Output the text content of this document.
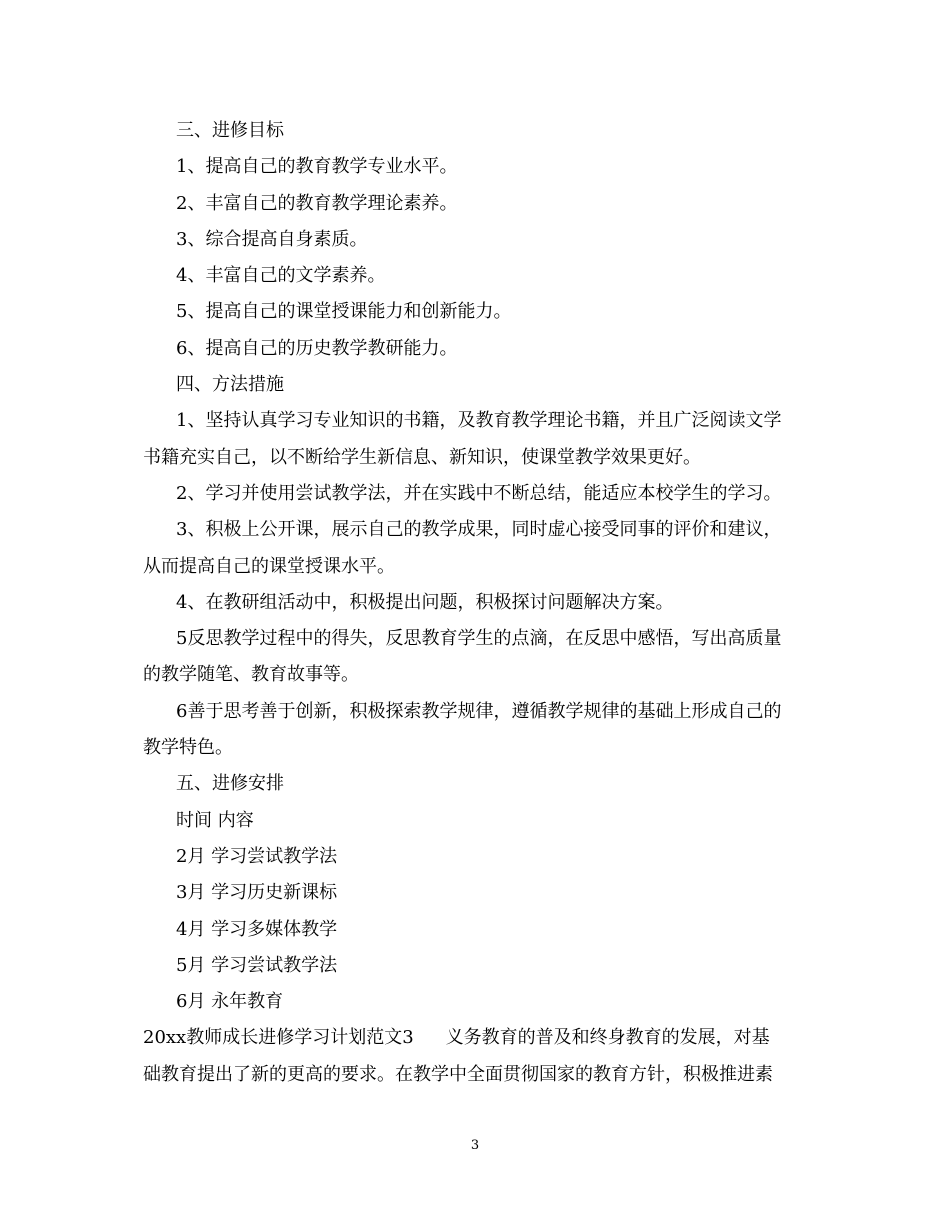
三、进修目标
1、提高自己的教育教学专业水平。
2、丰富自己的教育教学理论素养。
3、综合提高自身素质。
4、丰富自己的文学素养。
5、提高自己的课堂授课能力和创新能力。
6、提高自己的历史教学教研能力。
四、方法措施
1、坚持认真学习专业知识的书籍，及教育教学理论书籍，并且广泛阅读文学
书籍充实自己，以不断给学生新信息、新知识，使课堂教学效果更好。
2、学习并使用尝试教学法，并在实践中不断总结，能适应本校学生的学习。
3、积极上公开课，展示自己的教学成果，同时虚心接受同事的评价和建议，
从而提高自己的课堂授课水平。
4、在教研组活动中，积极提出问题，积极探讨问题解决方案。
5反思教学过程中的得失，反思教育学生的点滴，在反思中感悟，写出高质量
的教学随笔、教育故事等。
6善于思考善于创新，积极探索教学规律，遵循教学规律的基础上形成自己的
教学特色。
五、进修安排
时间 内容
2月 学习尝试教学法
3月 学习历史新课标
4月 学习多媒体教学
5月 学习尝试教学法
6月 永年教育
20xx教师成长进修学习计划范文3 义务教育的普及和终身教育的发展，对基
础教育提出了新的更高的要求。在教学中全面贯彻国家的教育方针，积极推进素
3
